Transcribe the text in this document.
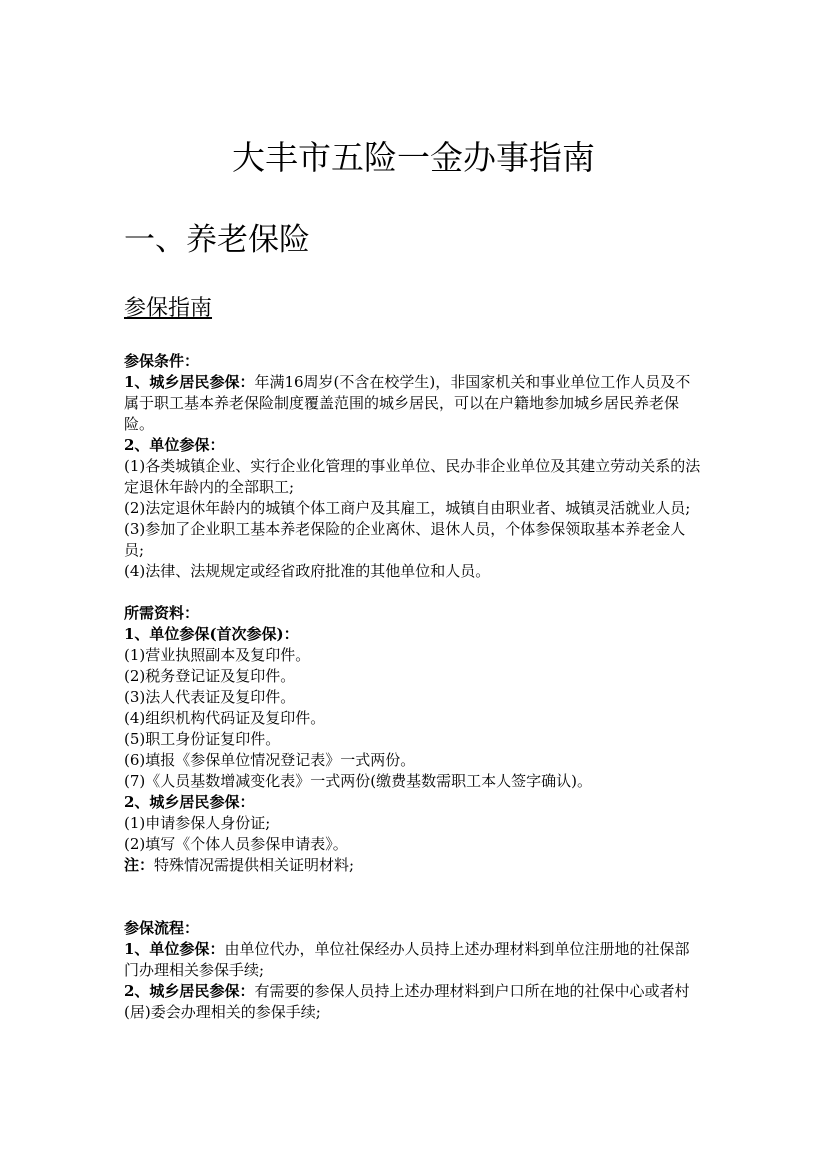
大丰市五险一金办事指南
一、养老保险
参保指南

参保条件：

1、城乡居民参保：年满16周岁(不含在校学生)，非国家机关和事业单位工作人员及不属于职工基本养老保险制度覆盖范围的城乡居民，可以在户籍地参加城乡居民养老保险。

2、单位参保：

(1)各类城镇企业、实行企业化管理的事业单位、民办非企业单位及其建立劳动关系的法定退休年龄内的全部职工;

(2)法定退休年龄内的城镇个体工商户及其雇工，城镇自由职业者、城镇灵活就业人员;

(3)参加了企业职工基本养老保险的企业离休、退休人员，个体参保领取基本养老金人员;

(4)法律、法规规定或经省政府批准的其他单位和人员。

所需资料：

1、单位参保(首次参保)：

(1)营业执照副本及复印件。

(2)税务登记证及复印件。

(3)法人代表证及复印件。

(4)组织机构代码证及复印件。

(5)职工身份证复印件。

(6)填报《参保单位情况登记表》一式两份。

(7)《人员基数增减变化表》一式两份(缴费基数需职工本人签字确认)。

2、城乡居民参保：

(1)申请参保人身份证;

(2)填写《个体人员参保申请表》。

注：特殊情况需提供相关证明材料;

参保流程：

1、单位参保：由单位代办，单位社保经办人员持上述办理材料到单位注册地的社保部门办理相关参保手续;

2、城乡居民参保：有需要的参保人员持上述办理材料到户口所在地的社保中心或者村(居)委会办理相关的参保手续;
